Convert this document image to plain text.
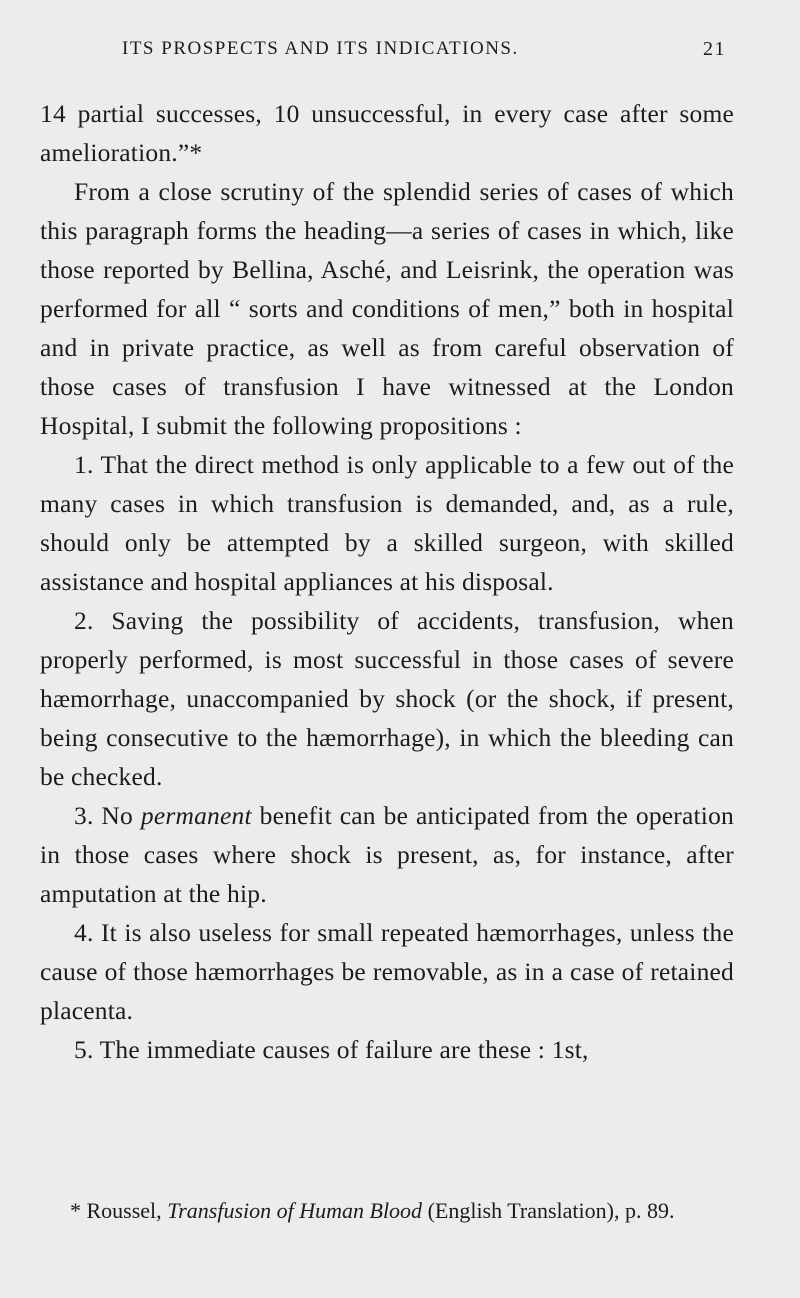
ITS PROSPECTS AND ITS INDICATIONS.	21

14 partial successes, 10 unsuccessful, in every case after some amelioration.”*

From a close scrutiny of the splendid series of cases of which this paragraph forms the heading—a series of cases in which, like those reported by Bellina, Asché, and Leisrink, the operation was performed for all “ sorts and conditions of men,” both in hospital and in private practice, as well as from careful observation of those cases of transfusion I have witnessed at the London Hospital, I submit the following propositions :

1. That the direct method is only applicable to a few out of the many cases in which transfusion is demanded, and, as a rule, should only be attempted by a skilled surgeon, with skilled assistance and hospital appliances at his disposal.

2. Saving the possibility of accidents, transfusion, when properly performed, is most successful in those cases of severe hæmorrhage, unaccompanied by shock (or the shock, if present, being consecutive to the hæmorrhage), in which the bleeding can be checked.

3. No permanent benefit can be anticipated from the operation in those cases where shock is present, as, for instance, after amputation at the hip.

4. It is also useless for small repeated hæmorrhages, unless the cause of those hæmorrhages be removable, as in a case of retained placenta.

5. The immediate causes of failure are these : 1st,

* Roussel, Transfusion of Human Blood (English Translation), p. 89.
